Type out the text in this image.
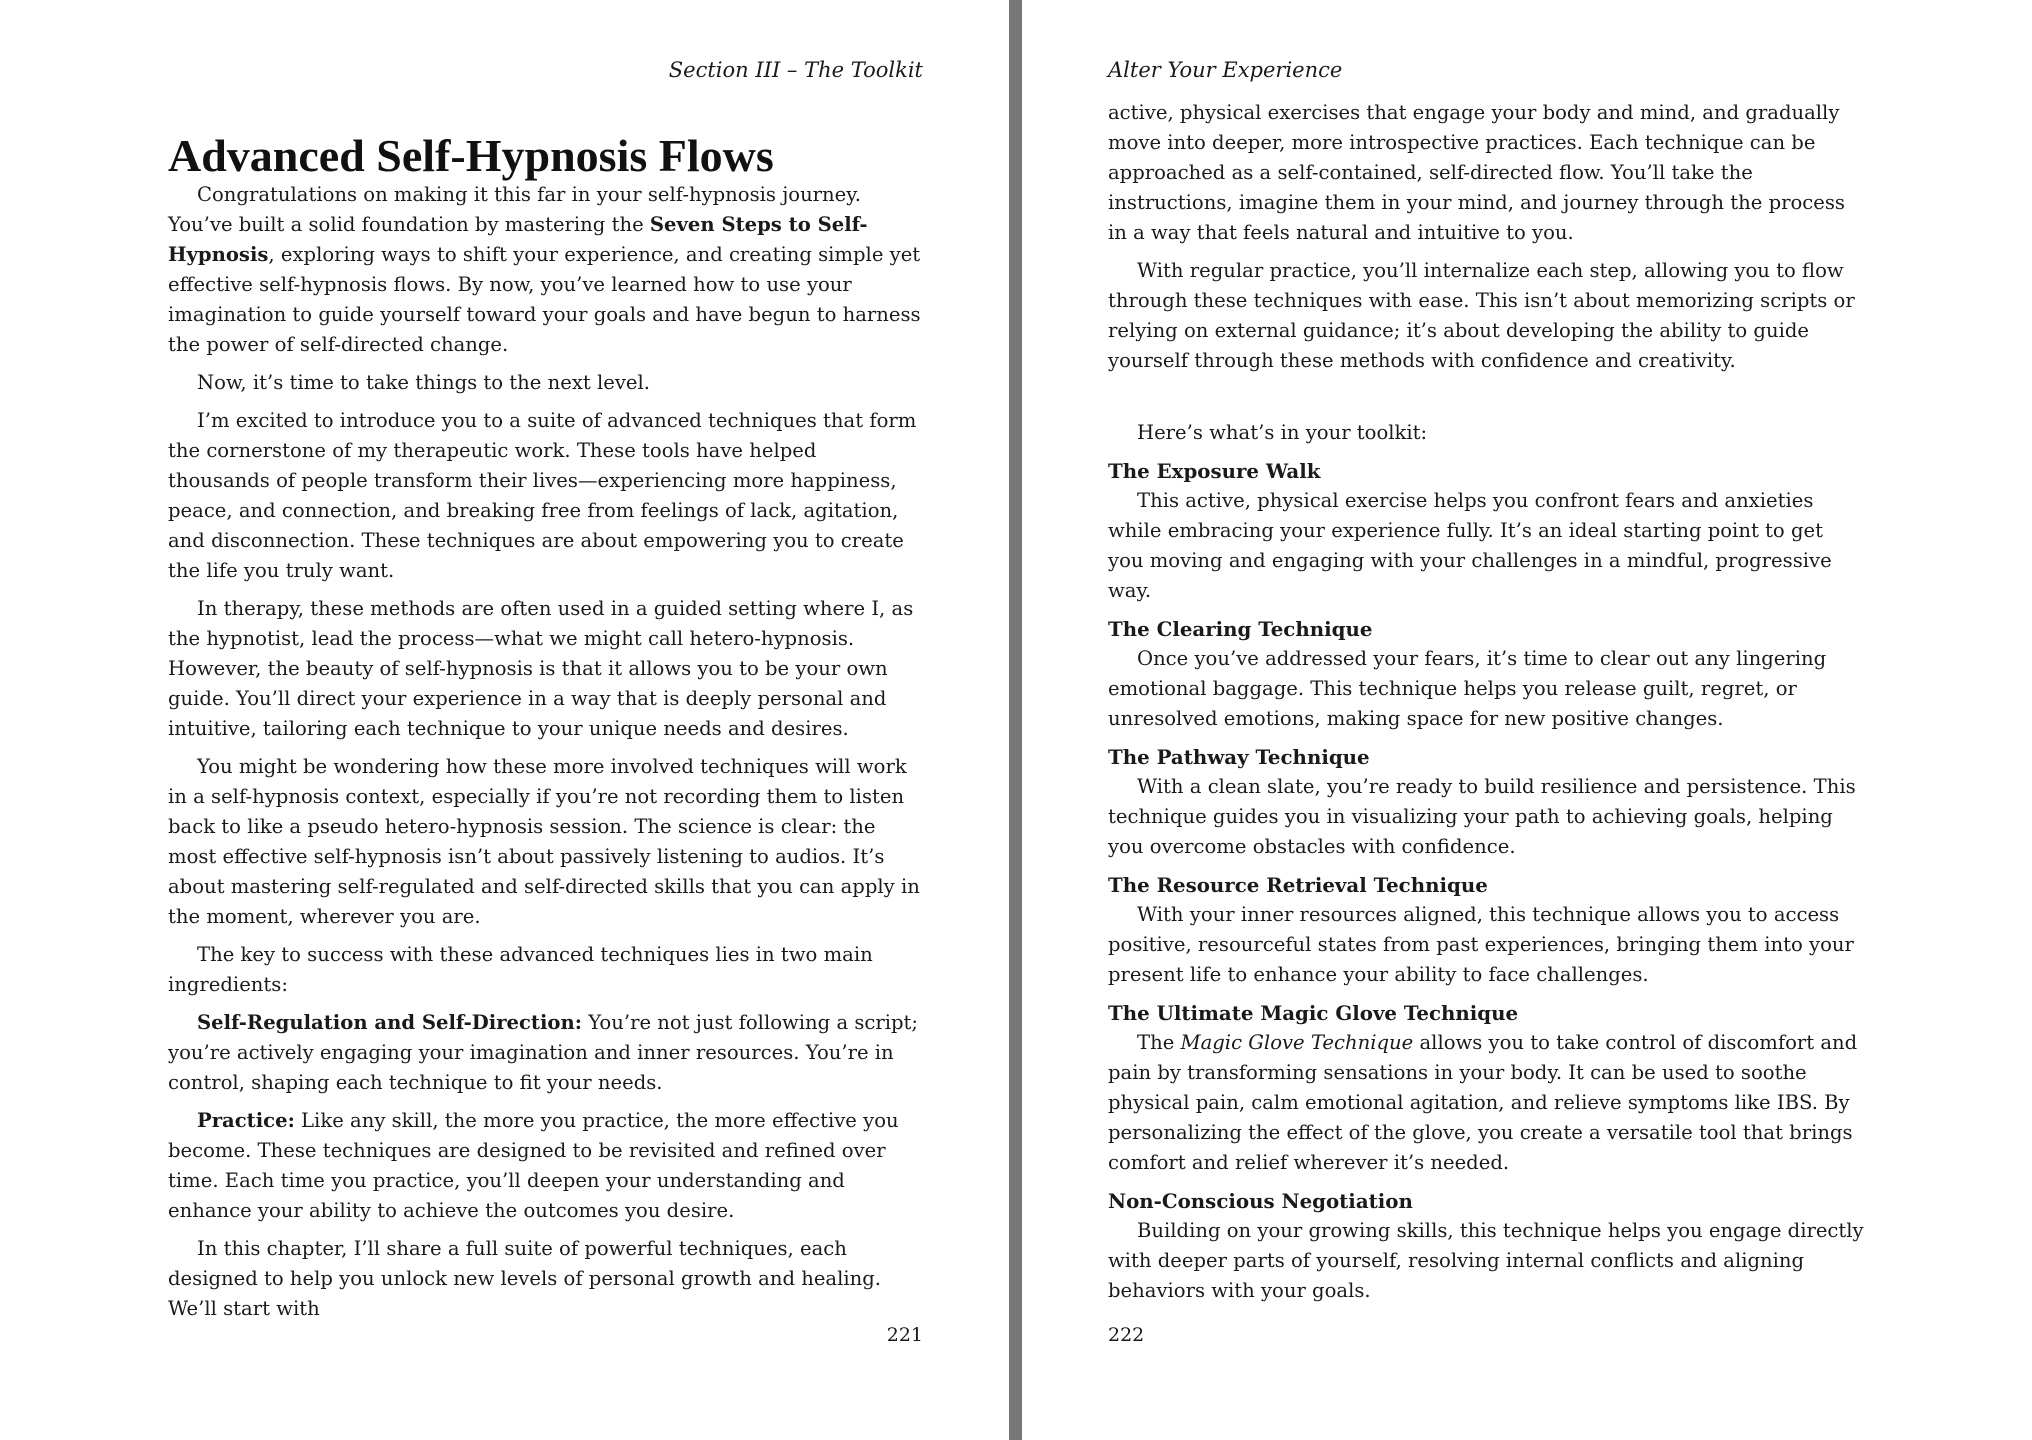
Section III – The Toolkit
Advanced Self-Hypnosis Flows

Congratulations on making it this far in your self-hypnosis journey. You’ve built a solid foundation by mastering the Seven Steps to Self-Hypnosis, exploring ways to shift your experience, and creating simple yet effective self-hypnosis flows. By now, you’ve learned how to use your imagination to guide yourself toward your goals and have begun to harness the power of self-directed change.

Now, it’s time to take things to the next level.

I’m excited to introduce you to a suite of advanced techniques that form the cornerstone of my therapeutic work. These tools have helped thousands of people transform their lives—experiencing more happiness, peace, and connection, and breaking free from feelings of lack, agitation, and disconnection. These techniques are about empowering you to create the life you truly want.

In therapy, these methods are often used in a guided setting where I, as the hypnotist, lead the process—what we might call hetero-hypnosis. However, the beauty of self-hypnosis is that it allows you to be your own guide. You’ll direct your experience in a way that is deeply personal and intuitive, tailoring each technique to your unique needs and desires.

You might be wondering how these more involved techniques will work in a self-hypnosis context, especially if you’re not recording them to listen back to like a pseudo hetero-hypnosis session. The science is clear: the most effective self-hypnosis isn’t about passively listening to audios. It’s about mastering self-regulated and self-directed skills that you can apply in the moment, wherever you are.

The key to success with these advanced techniques lies in two main ingredients:

Self-Regulation and Self-Direction: You’re not just following a script; you’re actively engaging your imagination and inner resources. You’re in control, shaping each technique to fit your needs.

Practice: Like any skill, the more you practice, the more effective you become. These techniques are designed to be revisited and refined over time. Each time you practice, you’ll deepen your understanding and enhance your ability to achieve the outcomes you desire.

In this chapter, I’ll share a full suite of powerful techniques, each designed to help you unlock new levels of personal growth and healing. We’ll start with

221
Alter Your Experience

active, physical exercises that engage your body and mind, and gradually move into deeper, more introspective practices. Each technique can be approached as a self-contained, self-directed flow. You’ll take the instructions, imagine them in your mind, and journey through the process in a way that feels natural and intuitive to you.

With regular practice, you’ll internalize each step, allowing you to flow through these techniques with ease. This isn’t about memorizing scripts or relying on external guidance; it’s about developing the ability to guide yourself through these methods with confidence and creativity.

Here’s what’s in your toolkit:

The Exposure Walk

This active, physical exercise helps you confront fears and anxieties while embracing your experience fully. It’s an ideal starting point to get you moving and engaging with your challenges in a mindful, progressive way.

The Clearing Technique

Once you’ve addressed your fears, it’s time to clear out any lingering emotional baggage. This technique helps you release guilt, regret, or unresolved emotions, making space for new positive changes.

The Pathway Technique

With a clean slate, you’re ready to build resilience and persistence. This technique guides you in visualizing your path to achieving goals, helping you overcome obstacles with confidence.

The Resource Retrieval Technique

With your inner resources aligned, this technique allows you to access positive, resourceful states from past experiences, bringing them into your present life to enhance your ability to face challenges.

The Ultimate Magic Glove Technique

The Magic Glove Technique allows you to take control of discomfort and pain by transforming sensations in your body. It can be used to soothe physical pain, calm emotional agitation, and relieve symptoms like IBS. By personalizing the effect of the glove, you create a versatile tool that brings comfort and relief wherever it’s needed.

Non-Conscious Negotiation

Building on your growing skills, this technique helps you engage directly with deeper parts of yourself, resolving internal conflicts and aligning behaviors with your goals.

222
